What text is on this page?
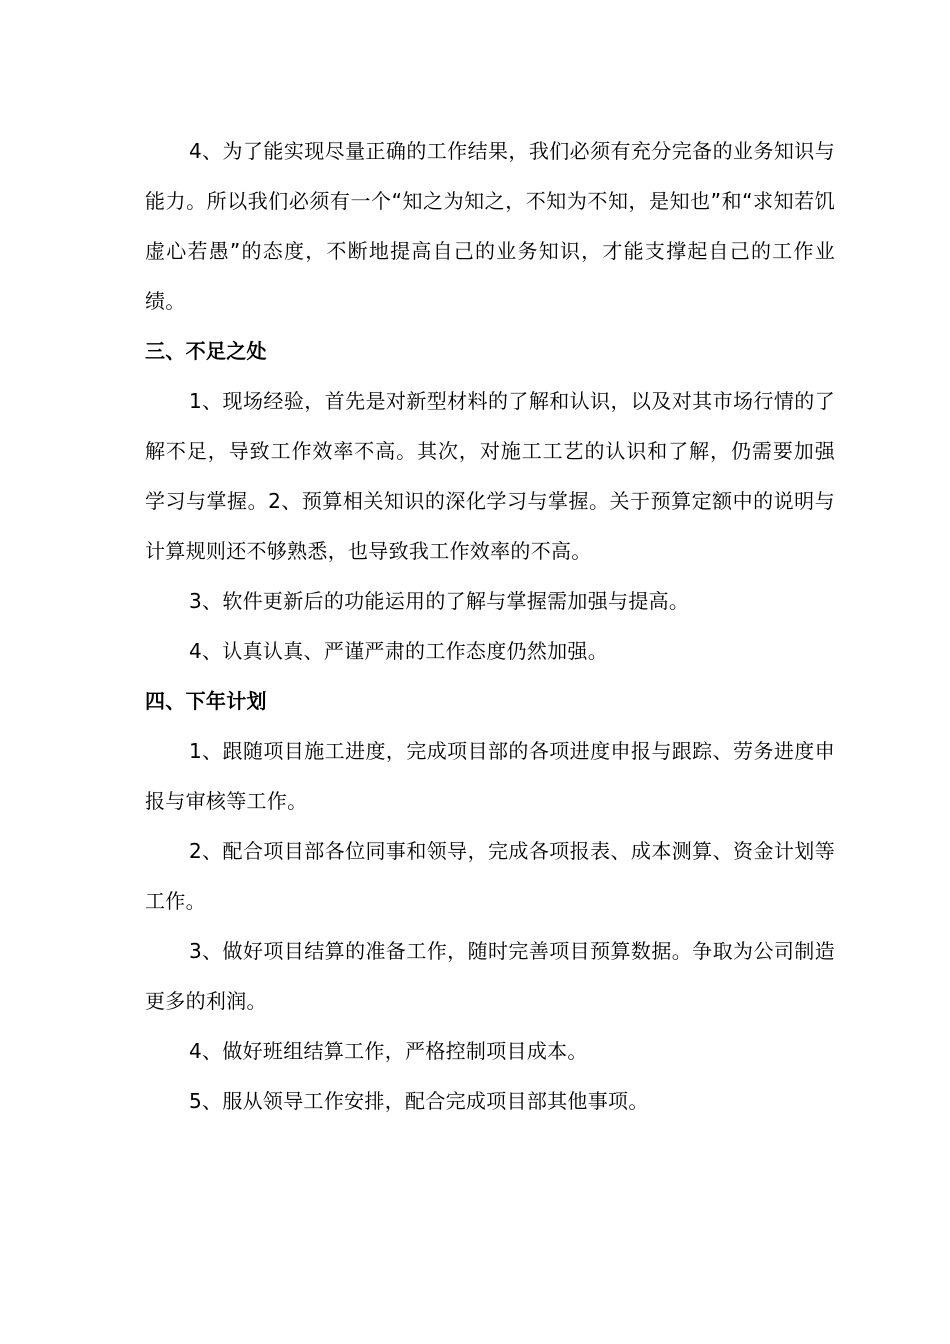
4、为了能实现尽量正确的工作结果，我们必须有充分完备的业务知识与能力。所以我们必须有一个“知之为知之，不知为不知，是知也”和“求知若饥 虚心若愚”的态度，不断地提高自己的业务知识，才能支撑起自己的工作业绩。

三、不足之处

1、现场经验，首先是对新型材料的了解和认识，以及对其市场行情的了解不足，导致工作效率不高。其次，对施工工艺的认识和了解，仍需要加强学习与掌握。2、预算相关知识的深化学习与掌握。关于预算定额中的说明与计算规则还不够熟悉，也导致我工作效率的不高。

3、软件更新后的功能运用的了解与掌握需加强与提高。

4、认真认真、严谨严肃的工作态度仍然加强。

四、下年计划

1、跟随项目施工进度，完成项目部的各项进度申报与跟踪、劳务进度申报与审核等工作。

2、配合项目部各位同事和领导，完成各项报表、成本测算、资金计划等工作。

3、做好项目结算的准备工作，随时完善项目预算数据。争取为公司制造更多的利润。

4、做好班组结算工作，严格控制项目成本。

5、服从领导工作安排，配合完成项目部其他事项。
